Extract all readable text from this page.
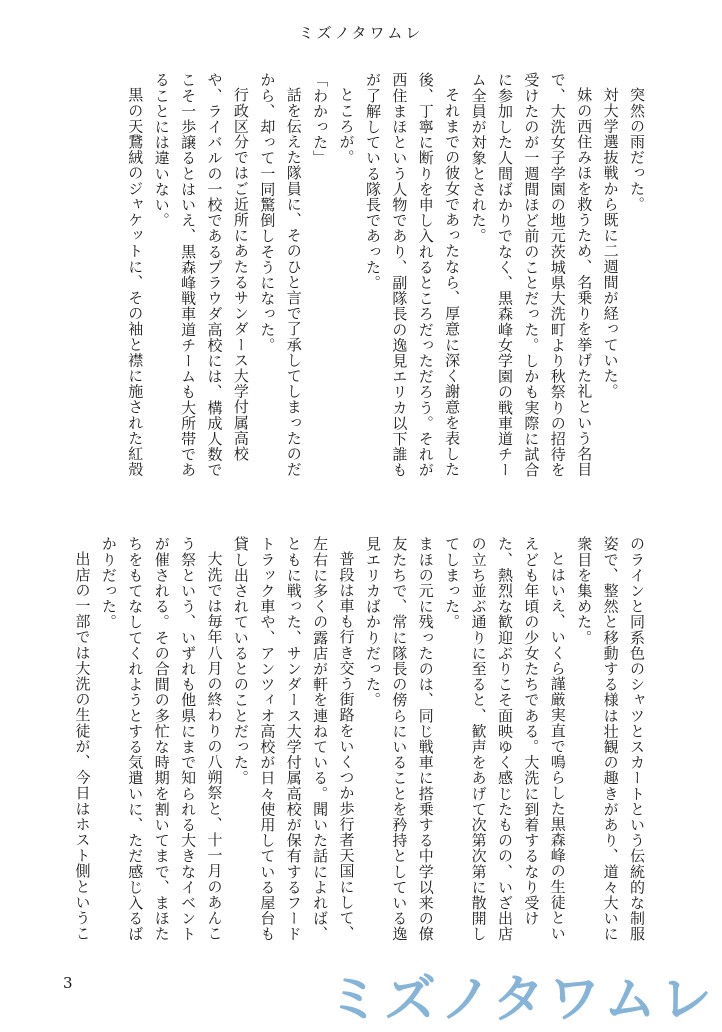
ミズノタワムレ

突然の雨だった。

対大学選抜戦から既に二週間が経っていた。

妹の西住みほを救うため、名乗りを挙げた礼という名目で、大洗女子学園の地元茨城県大洗町より秋祭りの招待を受けたのが一週間ほど前のことだった。しかも実際に試合に参加した人間ばかりでなく、黒森峰女学園の戦車道チーム全員が対象とされた。

それまでの彼女であったなら、厚意に深く謝意を表した後、丁寧に断りを申し入れるところだっただろう。それが西住まほという人物であり、副隊長の逸見エリカ以下誰もが了解している隊長であった。

ところが。

「わかった」

話を伝えた隊員に、そのひと言で了承してしまったのだから、却って一同驚倒しそうになった。

行政区分ではご近所にあたるサンダース大学付属高校や、ライバルの一校であるプラウダ高校には、構成人数でこそ一歩譲るとはいえ、黒森峰戦車道チームも大所帯であることには違いない。

黒の天鵞絨のジャケットに、その袖と襟に施された紅殻

のラインと同系色のシャツとスカートという伝統的な制服姿で、整然と移動する様は壮観の趣きがあり、道々大いに衆目を集めた。

とはいえ、いくら謹厳実直で鳴らした黒森峰の生徒といえども年頃の少女たちである。大洗に到着するなり受けた、熱烈な歓迎ぶりこそ面映ゆく感じたものの、いざ出店の立ち並ぶ通りに至ると、歓声をあげて次第次第に散開してしまった。

まほの元に残ったのは、同じ戦車に搭乗する中学以来の僚友たちで、常に隊長の傍らにいることを矜持としている逸見エリカばかりだった。

普段は車も行き交う街路をいくつか歩行者天国にして、左右に多くの露店が軒を連ねている。聞いた話によれば、ともに戦った、サンダース大学付属高校が保有するフードトラック車や、アンツィオ高校が日々使用している屋台も貸し出されているとのことだった。

大洗では毎年八月の終わりの八朔祭と、十一月のあんこう祭という、いずれも他県にまで知られる大きなイベントが催される。その合間の多忙な時期を割いてまで、まほたちをもてなしてくれようとする気遣いに、ただ感じ入るばかりだった。

出店の一部では大洗の生徒が、今日はホスト側というこ

3	ミズノタワムレ
